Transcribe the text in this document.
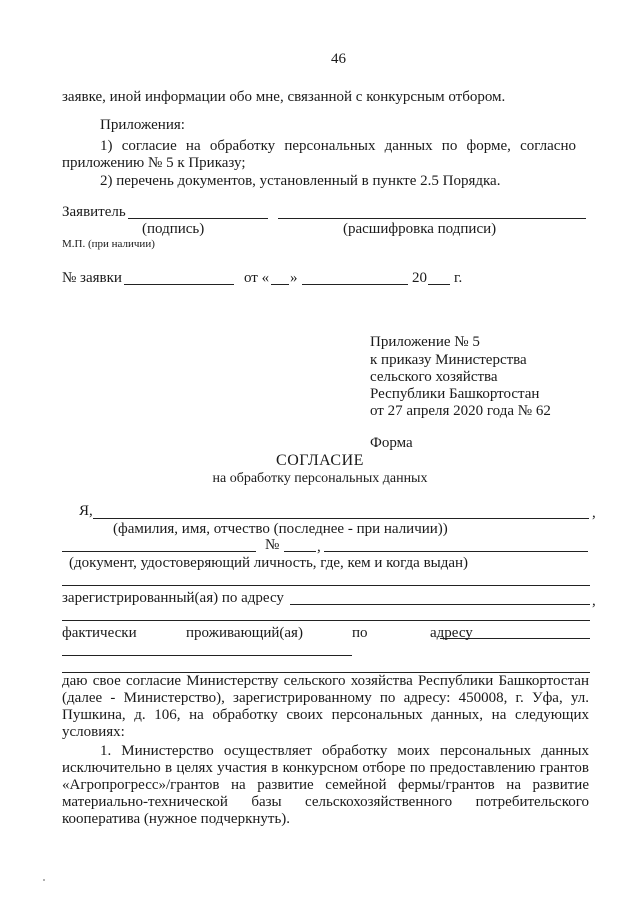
46
заявке, иной информации обо мне, связанной с конкурсным отбором.
Приложения:
1) согласие на обработку персональных данных по форме, согласно
приложению № 5 к Приказу;
2) перечень документов, установленный в пункте 2.5 Порядка.
Заявитель
(подпись)	(расшифровка подписи)
М.П. (при наличии)
№ заявки	от « »	20 г.
Приложение № 5
к приказу Министерства
сельского хозяйства
Республики Башкортостан
от 27 апреля 2020 года № 62
Форма
СОГЛАСИЕ
на обработку персональных данных
Я,	,
(фамилия, имя, отчество (последнее - при наличии))
№	,
(документ, удостоверяющий личность, где, кем и когда выдан)
зарегистрированный(ая) по адресу	,
фактически	проживающий(ая)	по	адресу
даю свое согласие Министерству сельского хозяйства Республики Башкортостан
(далее - Министерство), зарегистрированному по адресу: 450008, г. Уфа, ул.
Пушкина, д. 106, на обработку своих персональных данных, на следующих
условиях:
1. Министерство осуществляет обработку моих персональных данных
исключительно в целях участия в конкурсном отборе по предоставлению грантов
«Агропрогресс»/грантов на развитие семейной фермы/грантов на развитие
материально-технической базы сельскохозяйственного потребительского
кооператива (нужное подчеркнуть).
